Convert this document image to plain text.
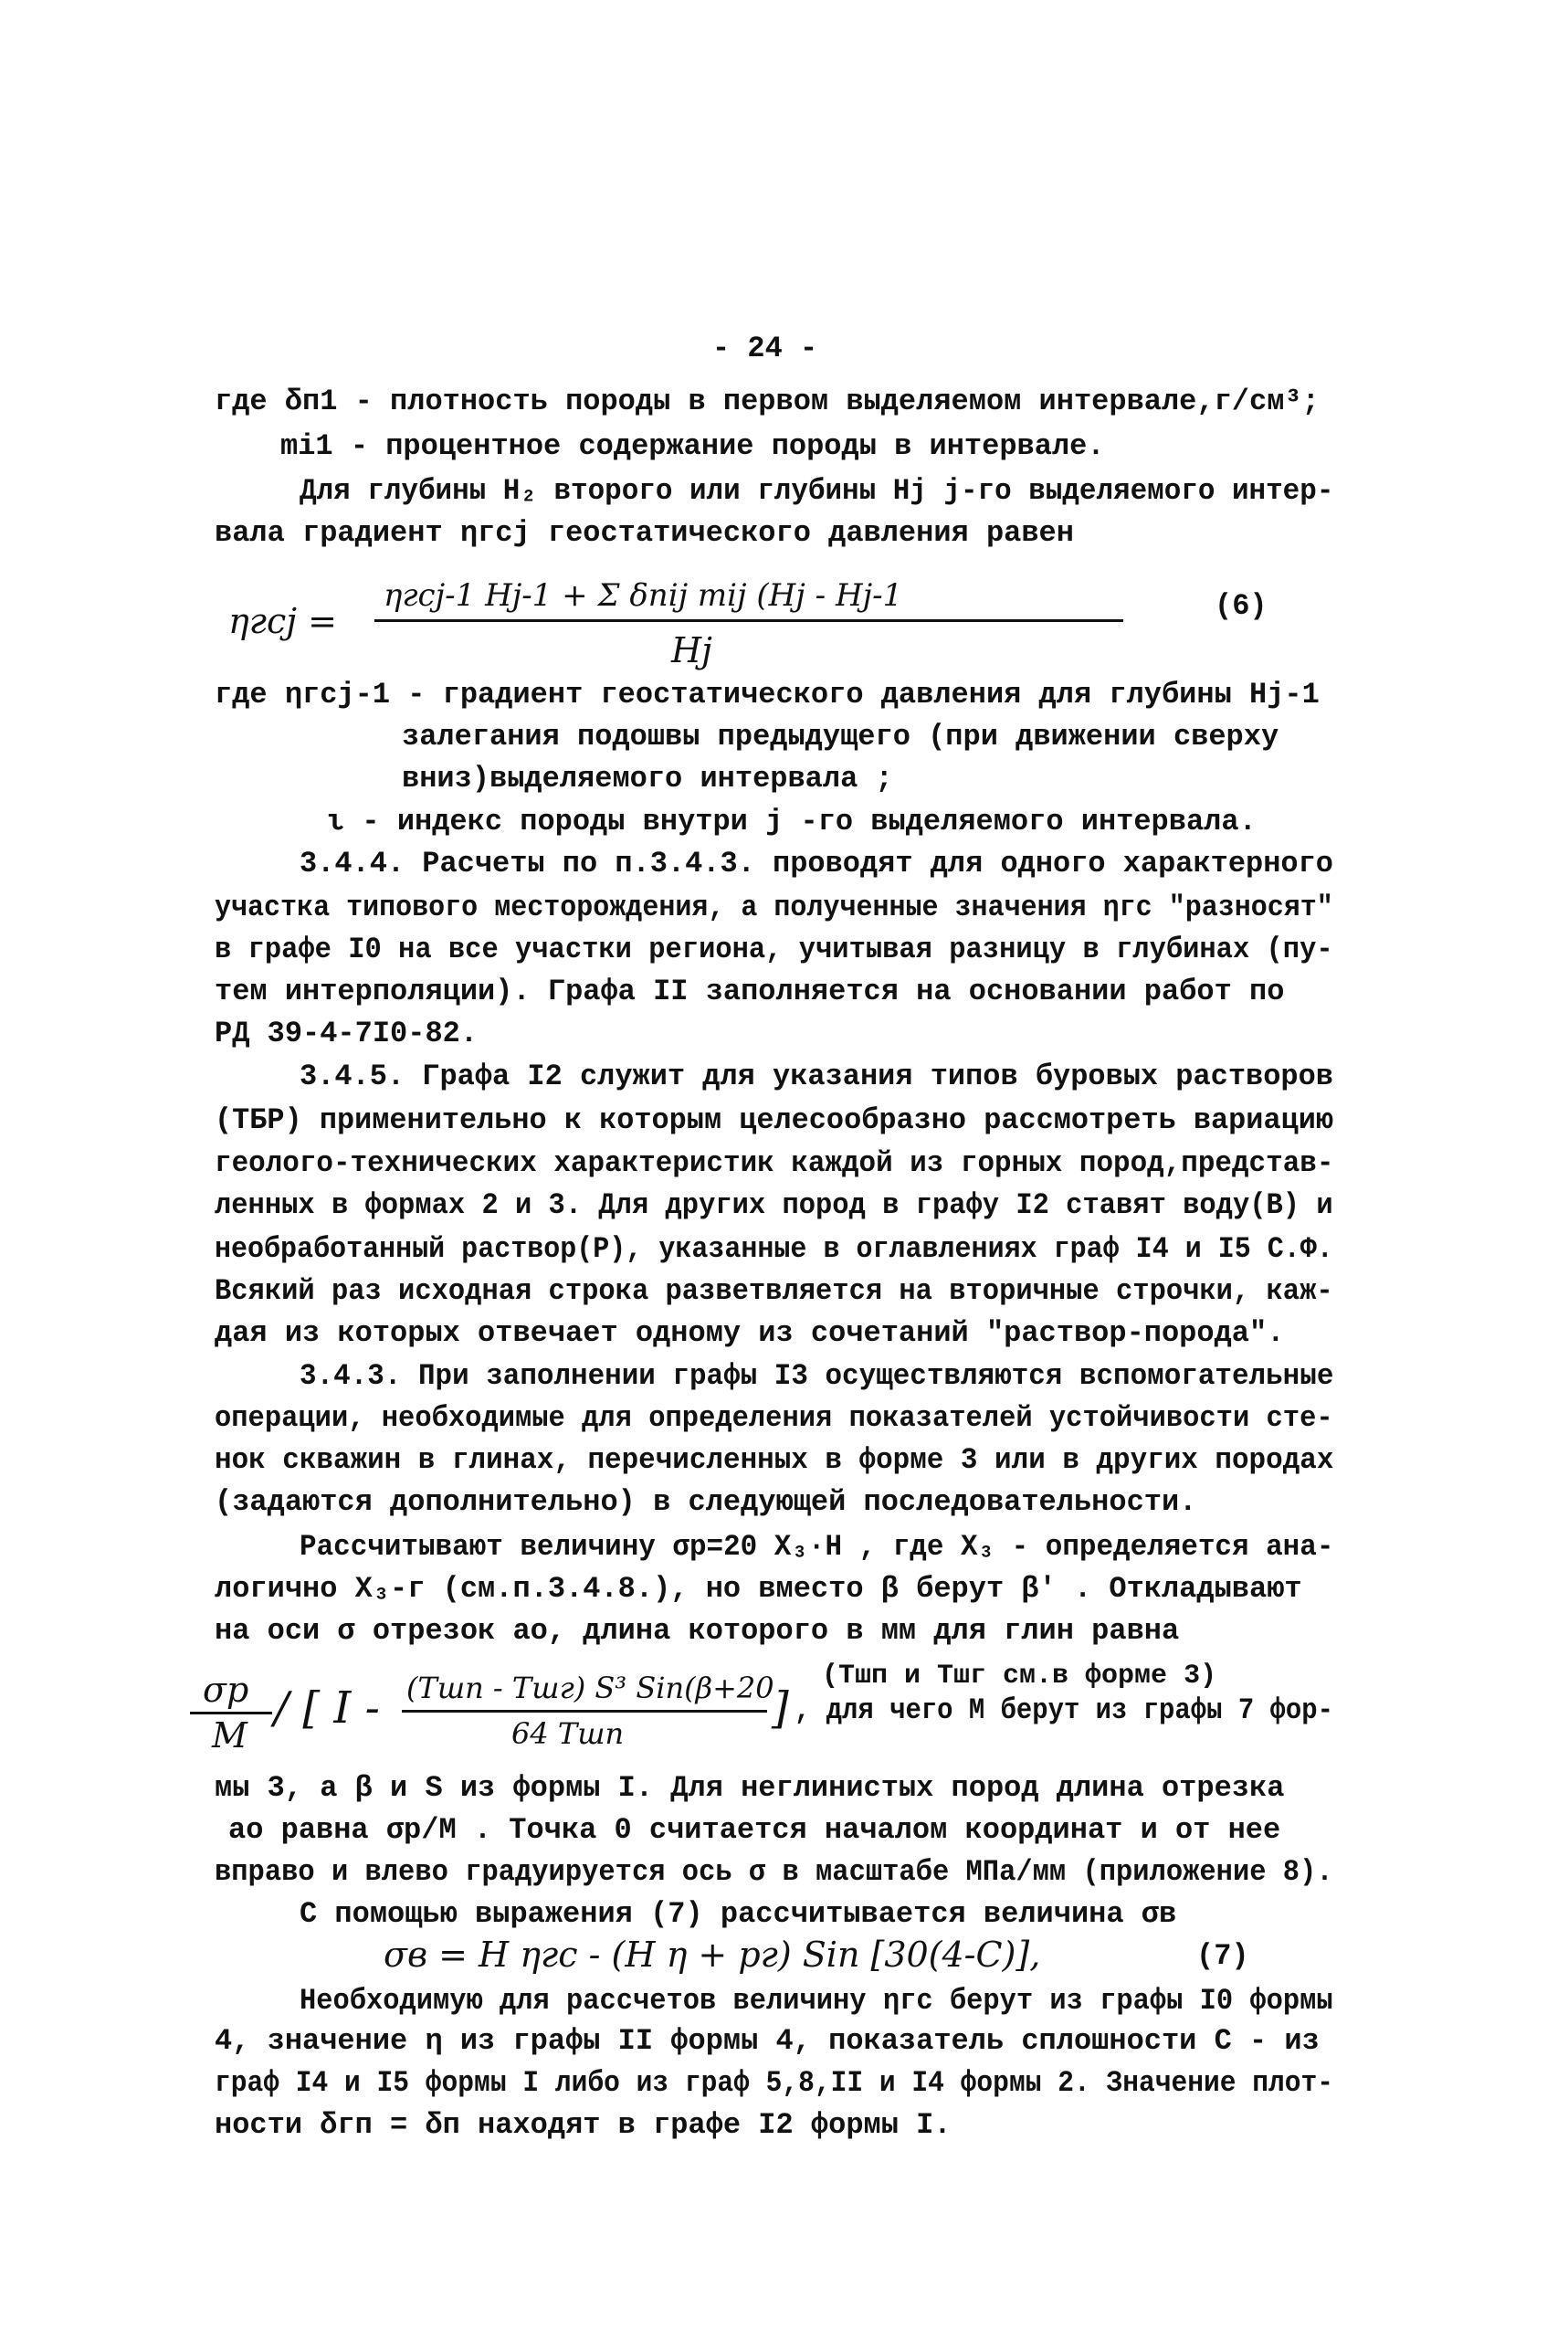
- 24 -
где δп1 - плотность породы в первом выделяемом интервале,г/см³;
mі1 - процентное содержание породы в интервале.
Для глубины H₂ второго или глубины Hj j-го выделяемого интер-
вала градиент ηгсj геостатического давления равен
ηгсj =
ηгсj-1 Hj-1 + Σ δпіj mіj (Hj - Hj-1
Hj
(6)
где ηгсj-1 - градиент геостатического давления для глубины Hj-1
залегания подошвы предыдущего (при движении сверху
вниз)выделяемого интервала ;
ι - индекс породы внутри j -го выделяемого интервала.
3.4.4. Расчеты по п.3.4.3. проводят для одного характерного
участка типового месторождения, а полученные значения ηгс "разносят"
в графе I0 на все участки региона, учитывая разницу в глубинах (пу-
тем интерполяции). Графа II заполняется на основании работ по
РД 39-4-7I0-82.
3.4.5. Графа I2 служит для указания типов буровых растворов
(ТБР) применительно к которым целесообразно рассмотреть вариацию
геолого-технических характеристик каждой из горных пород,предстaв-
ленных в формах 2 и 3. Для других пород в графу I2 ставят воду(В) и
необработанный раствор(Р), указанные в оглавлениях граф I4 и I5 С.Ф.
Всякий раз исходная строка разветвляется на вторичные строчки, каж-
дая из которых отвечает одному из сочетаний "раствор-порода".
3.4.3. При заполнении графы I3 осуществляются вспомогательные
операции, необходимые для определения показателей устойчивости сте-
нок скважин в глинах, перечисленных в форме 3 или в других породах
(задаются дополнительно) в следующей последовательности.
Рассчитывают величину σр=20 X₃·H , где X₃ - определяется ана-
логично X₃-г (см.п.3.4.8.), но вместо β берут β' . Откладывают
на оси σ отрезок ао, длина которого в мм для глин равна
(Tшп и Tшг см.в форме 3)
σр
M
/ [ I - (Tшп - Tшг) S³ Sin(β+20
64 Tшп	] , для чего М берут из графы 7 фор-
мы 3, а β и S из формы I. Для неглинистых пород длина отрезка
ао равна σр/M . Точка 0 считается началом координат и от нее
вправо и влево градуируется ось σ в масштабе МПа/мм (приложение 8).
С помощью выражения (7) рассчитывается величина σв
σв = H ηгс - (H η + pг) Sin [30(4-C)],	(7)
Необходимую для рассчетов величину ηгс берут из графы I0 формы
4, значение η из графы II формы 4, показатель сплошности C - из
граф I4 и I5 формы I либо из граф 5,8,II и I4 формы 2. Значение плот-
ности δгп = δп находят в графе I2 формы I.
